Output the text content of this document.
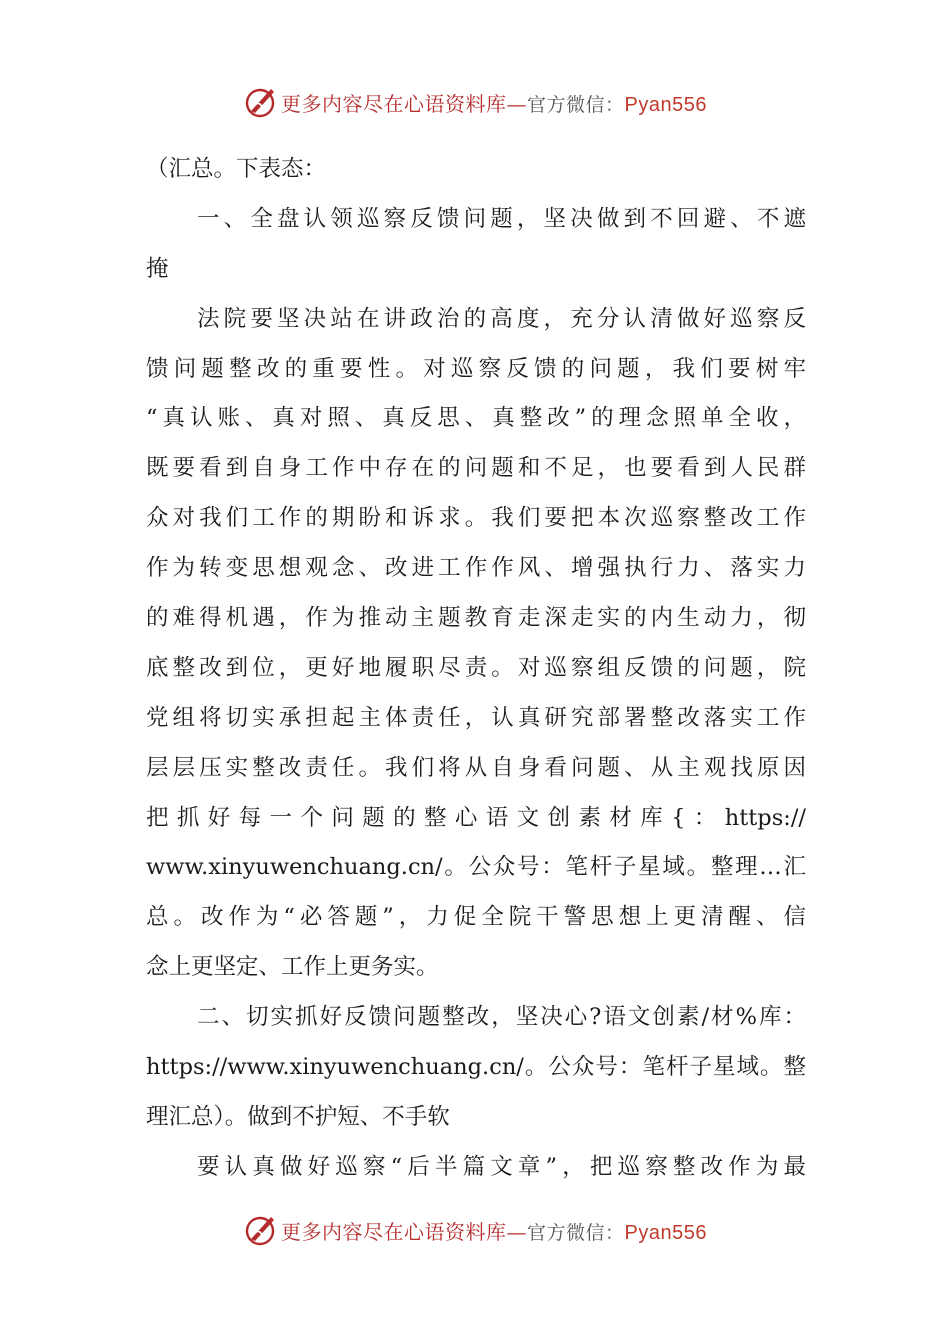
更多内容尽在心语资料库—官方微信：Pyan556
（汇总。下表态：
一、全盘认领巡察反馈问题，坚决做到不回避、不遮
掩
法院要坚决站在讲政治的高度，充分认清做好巡察反
馈问题整改的重要性。对巡察反馈的问题，我们要树牢
“真认账、真对照、真反思、真整改”的理念照单全收，
既要看到自身工作中存在的问题和不足，也要看到人民群
众对我们工作的期盼和诉求。我们要把本次巡察整改工作
作为转变思想观念、改进工作作风、增强执行力、落实力
的难得机遇，作为推动主题教育走深走实的内生动力，彻
底整改到位，更好地履职尽责。对巡察组反馈的问题，院
党组将切实承担起主体责任，认真研究部署整改落实工作
层层压实整改责任。我们将从自身看问题、从主观找原因
把抓好每一个问题的整心语文创素材库{：https://
www.xinyuwenchuang.cn/。公众号：笔杆子星域。整理…汇
总。改作为“必答题”，力促全院干警思想上更清醒、信
念上更坚定、工作上更务实。
二、切实抓好反馈问题整改，坚决心?语文创素/材%库：
https://www.xinyuwenchuang.cn/。公众号：笔杆子星域。整
理汇总）。做到不护短、不手软
要认真做好巡察“后半篇文章”，把巡察整改作为最
更多内容尽在心语资料库—官方微信：Pyan556
